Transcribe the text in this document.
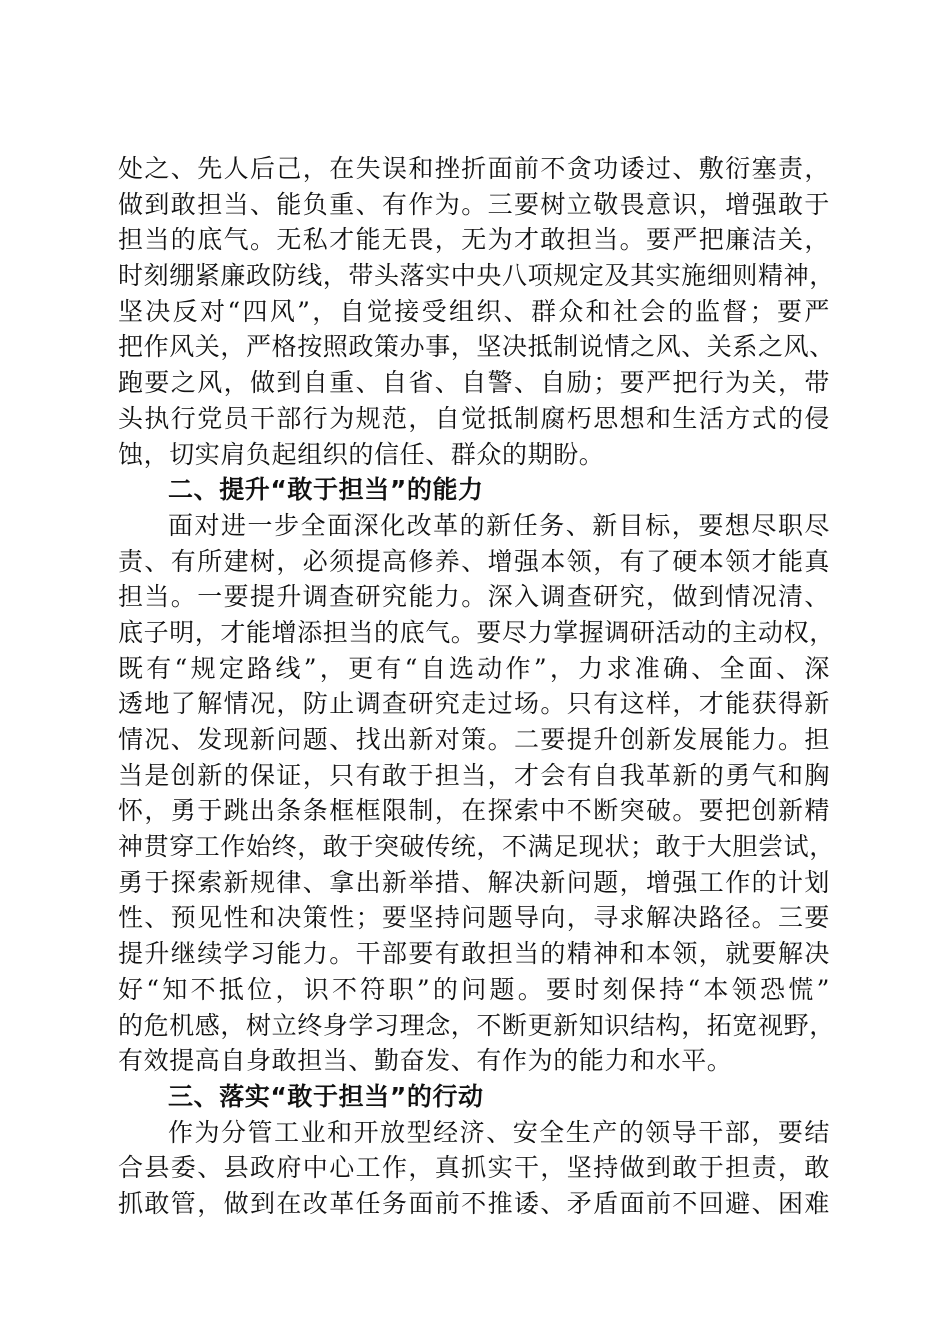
处之、先人后己，在失误和挫折面前不贪功诿过、敷衍塞责，
做到敢担当、能负重、有作为。三要树立敬畏意识，增强敢于
担当的底气。无私才能无畏，无为才敢担当。要严把廉洁关，
时刻绷紧廉政防线，带头落实中央八项规定及其实施细则精神，
坚决反对“四风”，自觉接受组织、群众和社会的监督；要严
把作风关，严格按照政策办事，坚决抵制说情之风、关系之风、
跑要之风，做到自重、自省、自警、自励；要严把行为关，带
头执行党员干部行为规范，自觉抵制腐朽思想和生活方式的侵
蚀，切实肩负起组织的信任、群众的期盼。
二、提升“敢于担当”的能力
面对进一步全面深化改革的新任务、新目标，要想尽职尽
责、有所建树，必须提高修养、增强本领，有了硬本领才能真
担当。一要提升调查研究能力。深入调查研究，做到情况清、
底子明，才能增添担当的底气。要尽力掌握调研活动的主动权，
既有“规定路线”，更有“自选动作”，力求准确、全面、深
透地了解情况，防止调查研究走过场。只有这样，才能获得新
情况、发现新问题、找出新对策。二要提升创新发展能力。担
当是创新的保证，只有敢于担当，才会有自我革新的勇气和胸
怀，勇于跳出条条框框限制，在探索中不断突破。要把创新精
神贯穿工作始终，敢于突破传统，不满足现状；敢于大胆尝试，
勇于探索新规律、拿出新举措、解决新问题，增强工作的计划
性、预见性和决策性；要坚持问题导向，寻求解决路径。三要
提升继续学习能力。干部要有敢担当的精神和本领，就要解决
好“知不抵位，识不符职”的问题。要时刻保持“本领恐慌”
的危机感，树立终身学习理念，不断更新知识结构，拓宽视野，
有效提高自身敢担当、勤奋发、有作为的能力和水平。
三、落实“敢于担当”的行动
作为分管工业和开放型经济、安全生产的领导干部，要结
合县委、县政府中心工作，真抓实干，坚持做到敢于担责，敢
抓敢管，做到在改革任务面前不推诿、矛盾面前不回避、困难
